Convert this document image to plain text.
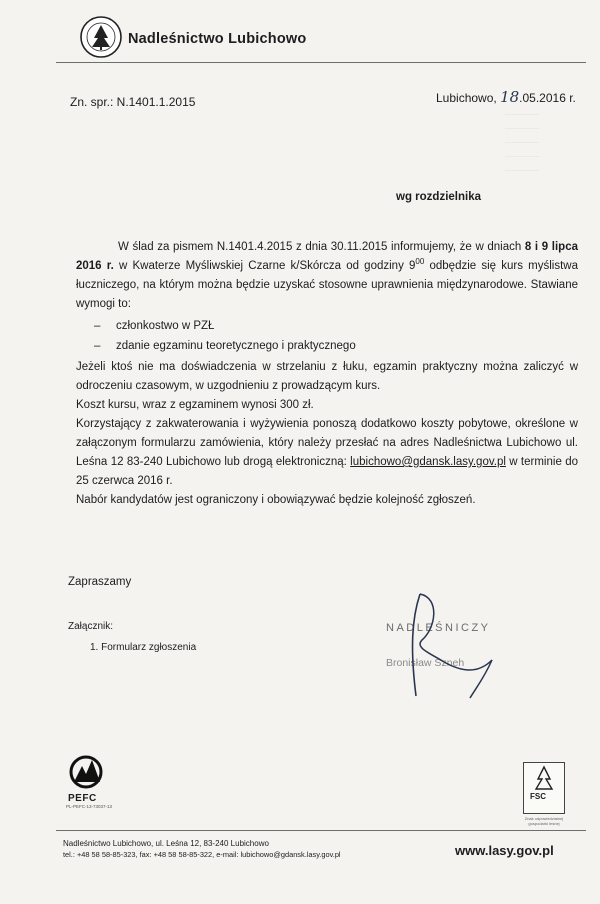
Nadleśnictwo Lubichowo
·················
·················
·················
·················
·················
Zn. spr.: N.1401.1.2015	Lubichowo, 18.05.2016 r.
wg rozdzielnika

W ślad za pismem N.1401.4.2015 z dnia 30.11.2015 informujemy, że w dniach 8 i 9 lipca 2016 r. w Kwaterze Myśliwskiej Czarne k/Skórcza od godziny $9^{00}$ odbędzie się kurs myślistwa łuczniczego, na którym można będzie uzyskać stosowne uprawnienia międzynarodowe. Stawiane wymogi to:

– członkostwo w PZŁ
– zdanie egzaminu teoretycznego i praktycznego

Jeżeli ktoś nie ma doświadczenia w strzelaniu z łuku, egzamin praktyczny można zaliczyć w odroczeniu czasowym, w uzgodnieniu z prowadzącym kurs.

Koszt kursu, wraz z egzaminem wynosi 300 zł.

Korzystający z zakwaterowania i wyżywienia ponoszą dodatkowo koszty pobytowe, określone w załączonym formularzu zamówienia, który należy przesłać na adres Nadleśnictwa Lubichowo ul. Leśna 12 83-240 Lubichowo lub drogą elektroniczną: lubichowo@gdansk.lasy.gov.pl w terminie do 25 czerwca 2016 r.

Nabór kandydatów jest ograniczony i obowiązywać będzie kolejność zgłoszeń.

Zapraszamy
Załącznik:
1. Formularz zgłoszenia
NADLEŚNICZY
Bronisław Szneh
PEFC
PL-PEFC-13-73037-13
FSC
Znak odpowiedzialnej gospodarki leśnej
Nadleśnictwo Lubichowo, ul. Leśna 12, 83-240 Lubichowo
tel.: +48 58 58-85-323, fax: +48 58 58-85-322, e-mail: lubichowo@gdansk.lasy.gov.pl	www.lasy.gov.pl
